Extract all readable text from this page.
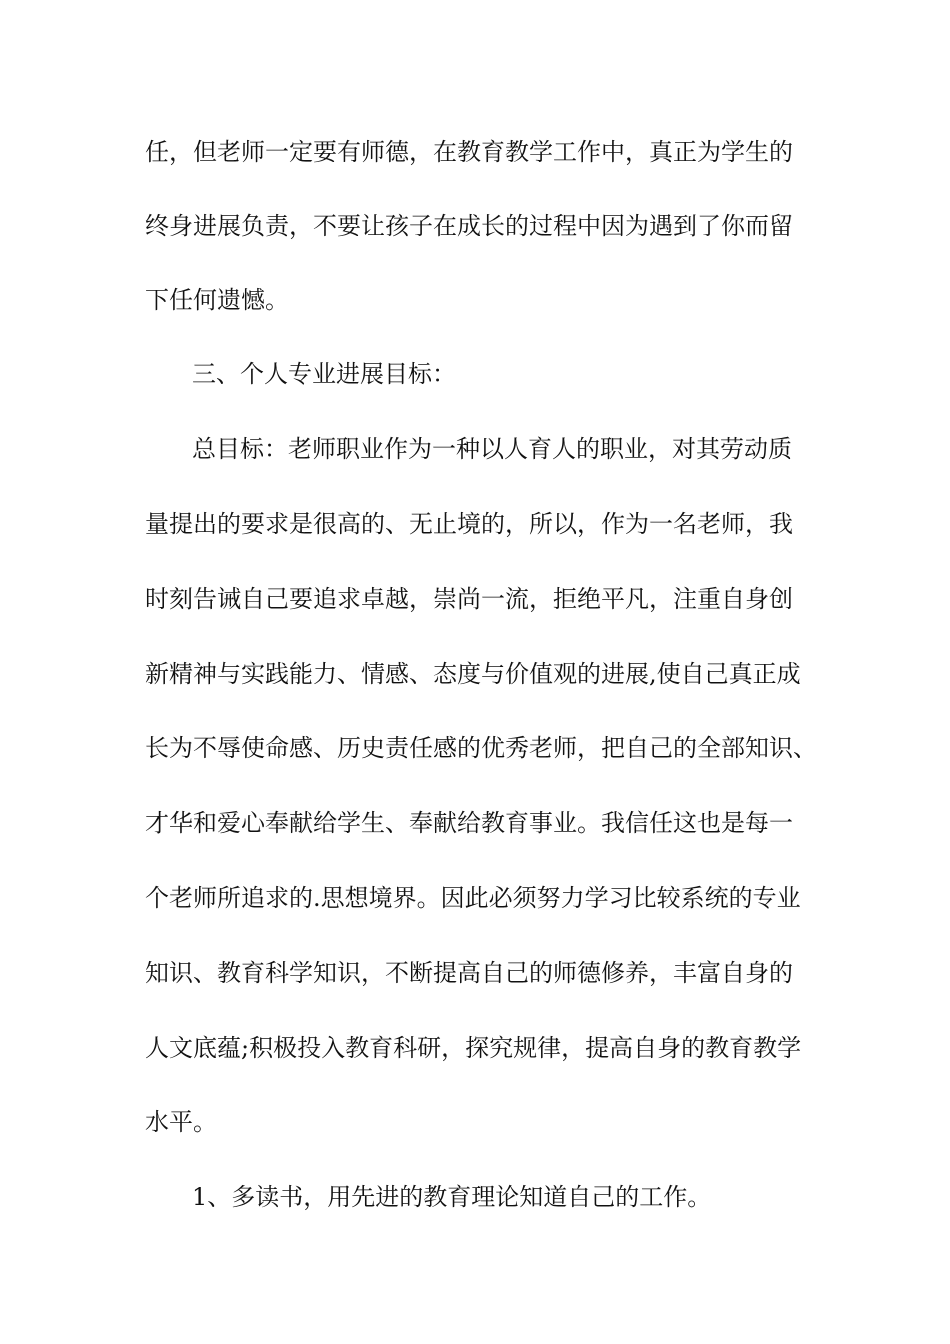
任，但老师一定要有师德，在教育教学工作中，真正为学生的
终身进展负责，不要让孩子在成长的过程中因为遇到了你而留
下任何遗憾。
三、个人专业进展目标：
总目标：老师职业作为一种以人育人的职业，对其劳动质
量提出的要求是很高的、无止境的，所以，作为一名老师，我
时刻告诫自己要追求卓越，崇尚一流，拒绝平凡，注重自身创
新精神与实践能力、情感、态度与价值观的进展,使自己真正成
长为不辱使命感、历史责任感的优秀老师，把自己的全部知识、
才华和爱心奉献给学生、奉献给教育事业。我信任这也是每一
个老师所追求的.思想境界。因此必须努力学习比较系统的专业
知识、教育科学知识，不断提高自己的师德修养，丰富自身的
人文底蕴;积极投入教育科研，探究规律，提高自身的教育教学
水平。
1、多读书，用先进的教育理论知道自己的工作。
